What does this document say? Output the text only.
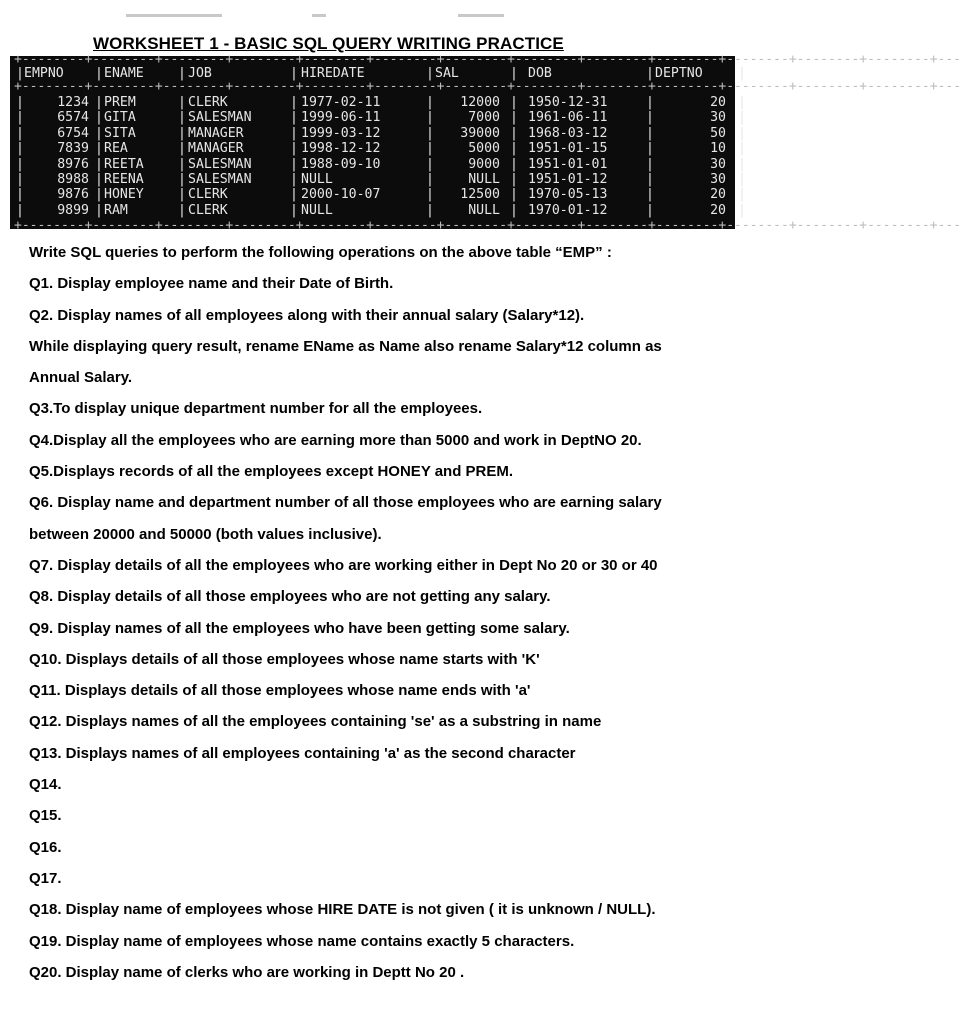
WORKSHEET 1 - BASIC SQL QUERY WRITING PRACTICE
+--------+--------+--------+--------+--------+--------+--------+--------+--------+--------+--------+--------+--------+---
| EMPNO | ENAME	| JOB	| HIREDATE	| SAL	| DOB	| DEPTNO	|
+--------+--------+--------+--------+--------+--------+--------+--------+--------+--------+--------+--------+--------+---
|	1234 | PREM	| CLERK	| 1977-02-11	|	12000 | 1950-12-31	|	20 |
|	6574 | GITA	| SALESMAN	| 1999-06-11	|	7000 | 1961-06-11	|	30 |
|	6754 | SITA	| MANAGER	| 1999-03-12	|	39000 | 1968-03-12	|	50 |
|	7839 | REA	| MANAGER	| 1998-12-12	|	5000 | 1951-01-15	|	10 |
|	8976 | REETA	| SALESMAN	| 1988-09-10	|	9000 | 1951-01-01	|	30 |
|	8988 | REENA	| SALESMAN	| NULL	|	NULL | 1951-01-12	|	30 |
|	9876 | HONEY	| CLERK	| 2000-10-07	|	12500 | 1970-05-13	|	20 |
|	9899 | RAM	| CLERK	| NULL	|	NULL | 1970-01-12	|	20 |
+--------+--------+--------+--------+--------+--------+--------+--------+--------+--------+--------+--------+--------+---
Write SQL queries to perform the following operations on the above table “EMP” :
Q1. Display employee name and their Date of Birth.
Q2. Display names of all employees along with their annual salary (Salary*12).
While displaying query result, rename EName as Name also rename Salary*12 column as
Annual Salary.
Q3.To display unique department number for all the employees.
Q4.Display all the employees who are earning more than 5000 and work in DeptNO 20.
Q5.Displays records of all the employees except HONEY and PREM.
Q6. Display name and department number of all those employees who are earning salary
between 20000 and 50000 (both values inclusive).
Q7. Display details of all the employees who are working either in Dept No 20 or 30 or 40
Q8. Display details of all those employees who are not getting any salary.
Q9. Display names of all the employees who have been getting some salary.
Q10. Displays details of all those employees whose name starts with 'K'
Q11. Displays details of all those employees whose name ends with 'a'
Q12. Displays names of all the employees containing 'se' as a substring in name
Q13. Displays names of all employees containing 'a' as the second character
Q14.
Q15.
Q16.
Q17.
Q18. Display name of employees whose HIRE DATE is not given ( it is unknown / NULL).
Q19. Display name of employees whose name contains exactly 5 characters.
Q20. Display name of clerks who are working in Deptt No 20 .
